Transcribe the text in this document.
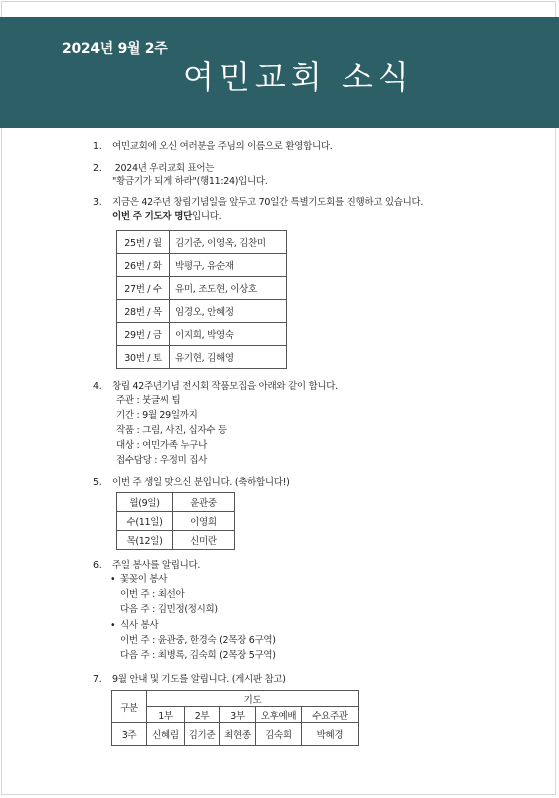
2024년 9월 2주
여민교회 소식
1. 여민교회에 오신 여러분을 주님의 이름으로 환영합니다.
2. 2024년 우리교회 표어는
"황금기가 되게 하라"(행11:24)입니다.
3. 지금은 42주년 창립기념일을 앞두고 70일간 특별기도회를 진행하고 있습니다.
이번 주 기도자 명단입니다.
25번 / 월	김기준, 이영옥, 김찬미
26번 / 화	박평구, 유순재
27번 / 수	유미, 조도현, 이상호
28번 / 목	임경오, 안혜정
29번 / 금	이지희, 박영숙
30번 / 토	유기현, 김해영
4. 창립 42주년기념 전시회 작품모집을 아래와 같이 합니다.
주관 : 붓글씨 팀
기간 : 9월 29일까지
작품 : 그림, 사진, 십자수 등
대상 : 여민가족 누구나
접수담당 : 우정미 집사
5. 이번 주 생일 맞으신 분입니다. (축하합니다!)
월(9일)	윤관중
수(11일)	이영희
목(12일)	신미란
6. 주일 봉사를 알립니다.
• 꽃꽂이 봉사
이번 주 : 최선아
다음 주 : 김민정(정시희)
• 식사 봉사
이번 주 : 윤관중, 한경숙 (2목장 6구역)
다음 주 : 최병록, 김숙희 (2목장 5구역)
7. 9월 안내 및 기도를 알립니다. (게시판 참고)
구분	기도				
	1부	2부	3부	오후예배	수요주관
3주	신혜림	김기준	최현종	김숙희	박혜경
